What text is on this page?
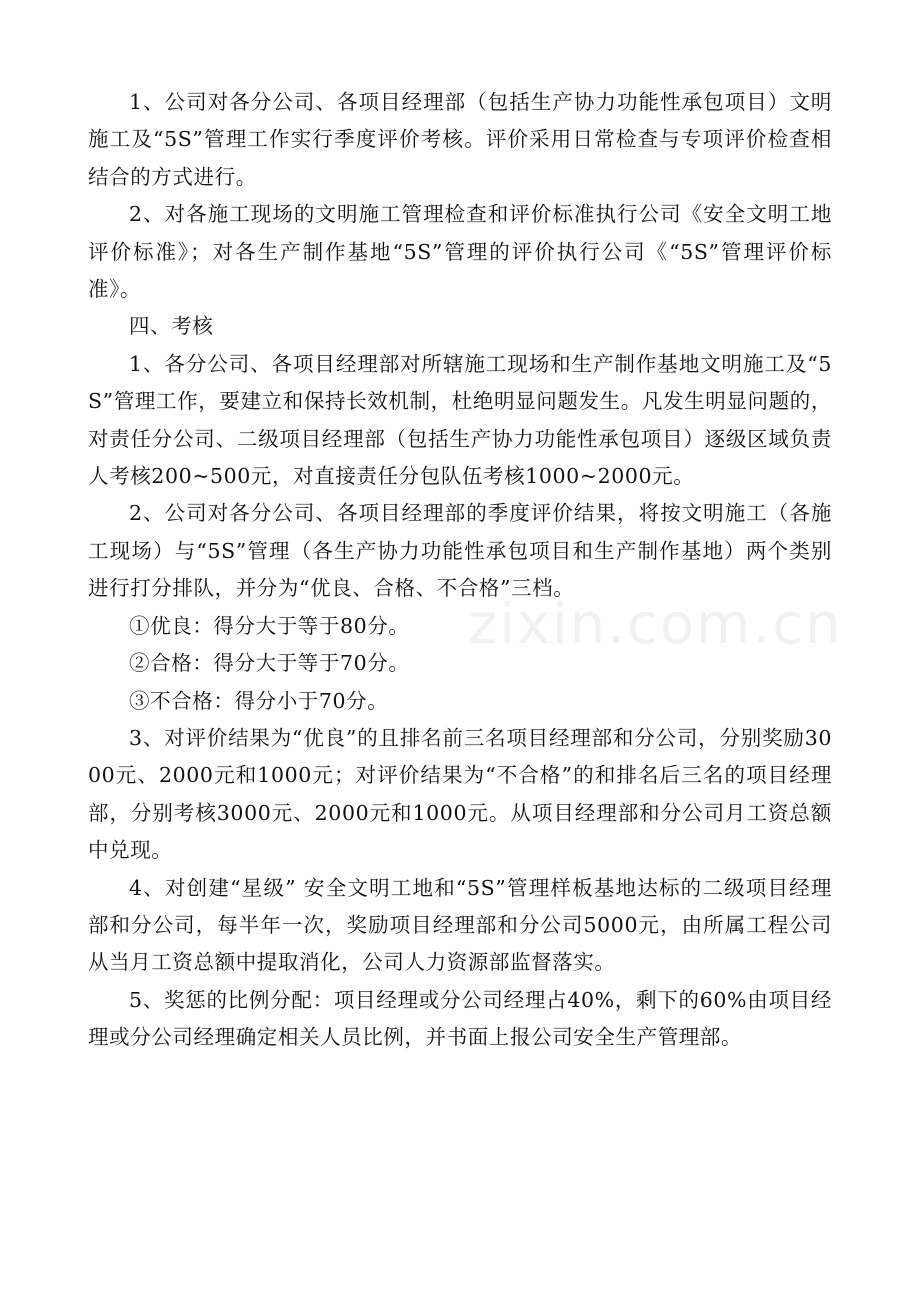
1、公司对各分公司、各项目经理部（包括生产协力功能性承包项目）文明施工及“5S”管理工作实行季度评价考核。评价采用日常检查与专项评价检查相结合的方式进行。

2、对各施工现场的文明施工管理检查和评价标准执行公司《安全文明工地评价标准》；对各生产制作基地“5S”管理的评价执行公司《“5S”管理评价标准》。

四、考核

1、各分公司、各项目经理部对所辖施工现场和生产制作基地文明施工及“5S”管理工作，要建立和保持长效机制，杜绝明显问题发生。凡发生明显问题的，对责任分公司、二级项目经理部（包括生产协力功能性承包项目）逐级区域负责人考核200~500元，对直接责任分包队伍考核1000~2000元。

2、公司对各分公司、各项目经理部的季度评价结果，将按文明施工（各施工现场）与“5S”管理（各生产协力功能性承包项目和生产制作基地）两个类别进行打分排队，并分为“优良、合格、不合格”三档。

①优良：得分大于等于80分。

②合格：得分大于等于70分。

③不合格：得分小于70分。

3、对评价结果为“优良”的且排名前三名项目经理部和分公司，分别奖励3000元、2000元和1000元；对评价结果为“不合格”的和排名后三名的项目经理部，分别考核3000元、2000元和1000元。从项目经理部和分公司月工资总额中兑现。

4、对创建“星级” 安全文明工地和“5S”管理样板基地达标的二级项目经理部和分公司，每半年一次，奖励项目经理部和分公司5000元，由所属工程公司从当月工资总额中提取消化，公司人力资源部监督落实。

5、奖惩的比例分配：项目经理或分公司经理占40%，剩下的60%由项目经理或分公司经理确定相关人员比例，并书面上报公司安全生产管理部。

zixin.com.cn
